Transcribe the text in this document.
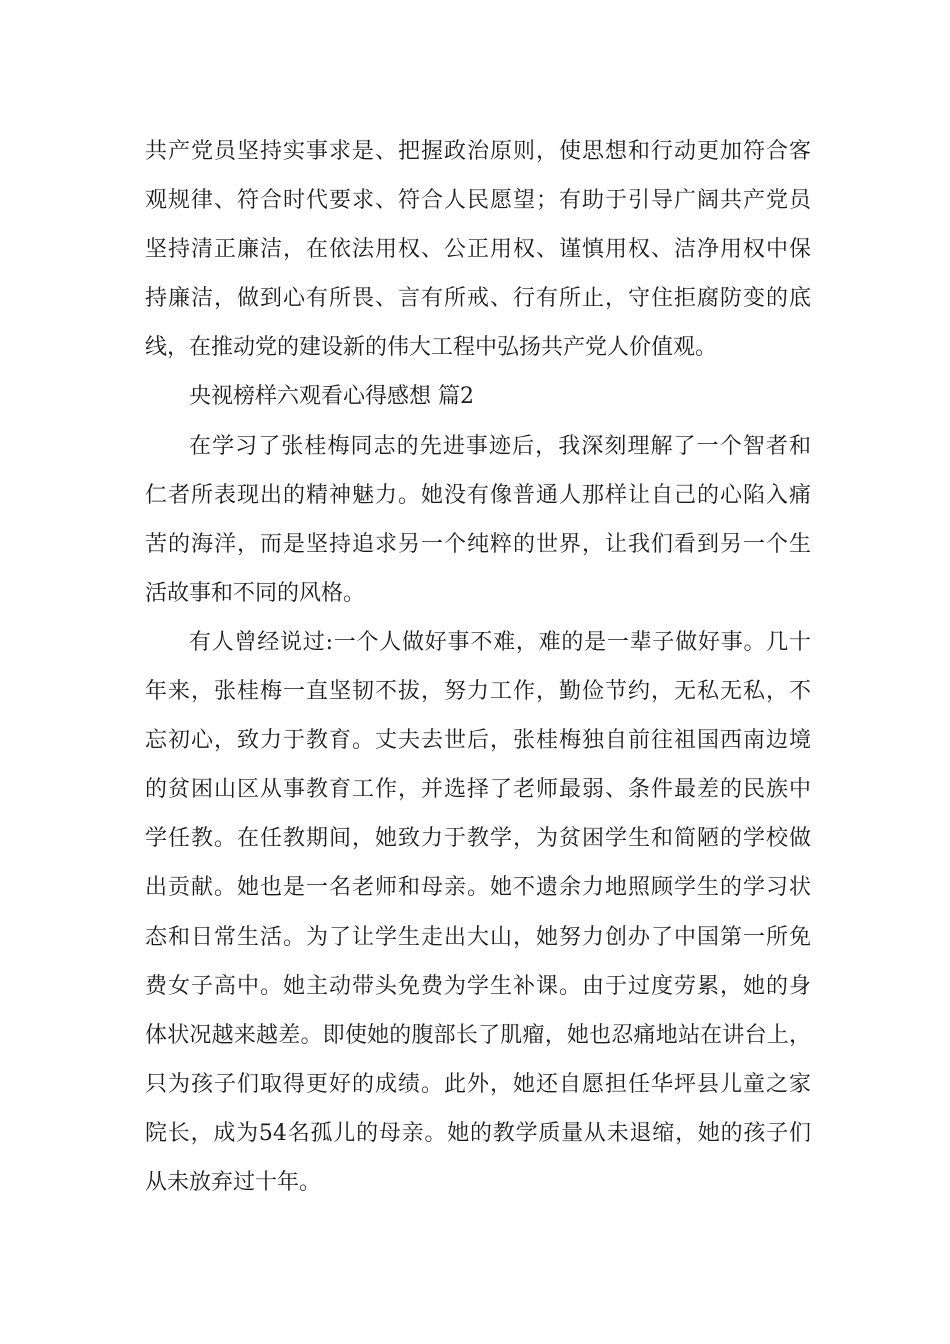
共产党员坚持实事求是、把握政治原则，使思想和行动更加符合客
观规律、符合时代要求、符合人民愿望；有助于引导广阔共产党员
坚持清正廉洁，在依法用权、公正用权、谨慎用权、洁净用权中保
持廉洁，做到心有所畏、言有所戒、行有所止，守住拒腐防变的底
线，在推动党的建设新的伟大工程中弘扬共产党人价值观。
央视榜样六观看心得感想 篇2
在学习了张桂梅同志的先进事迹后，我深刻理解了一个智者和
仁者所表现出的精神魅力。她没有像普通人那样让自己的心陷入痛
苦的海洋，而是坚持追求另一个纯粹的世界，让我们看到另一个生
活故事和不同的风格。
有人曾经说过:一个人做好事不难，难的是一辈子做好事。几十
年来，张桂梅一直坚韧不拔，努力工作，勤俭节约，无私无私，不
忘初心，致力于教育。丈夫去世后，张桂梅独自前往祖国西南边境
的贫困山区从事教育工作，并选择了老师最弱、条件最差的民族中
学任教。在任教期间，她致力于教学，为贫困学生和简陋的学校做
出贡献。她也是一名老师和母亲。她不遗余力地照顾学生的学习状
态和日常生活。为了让学生走出大山，她努力创办了中国第一所免
费女子高中。她主动带头免费为学生补课。由于过度劳累，她的身
体状况越来越差。即使她的腹部长了肌瘤，她也忍痛地站在讲台上，
只为孩子们取得更好的成绩。此外，她还自愿担任华坪县儿童之家
院长，成为54名孤儿的母亲。她的教学质量从未退缩，她的孩子们
从未放弃过十年。
